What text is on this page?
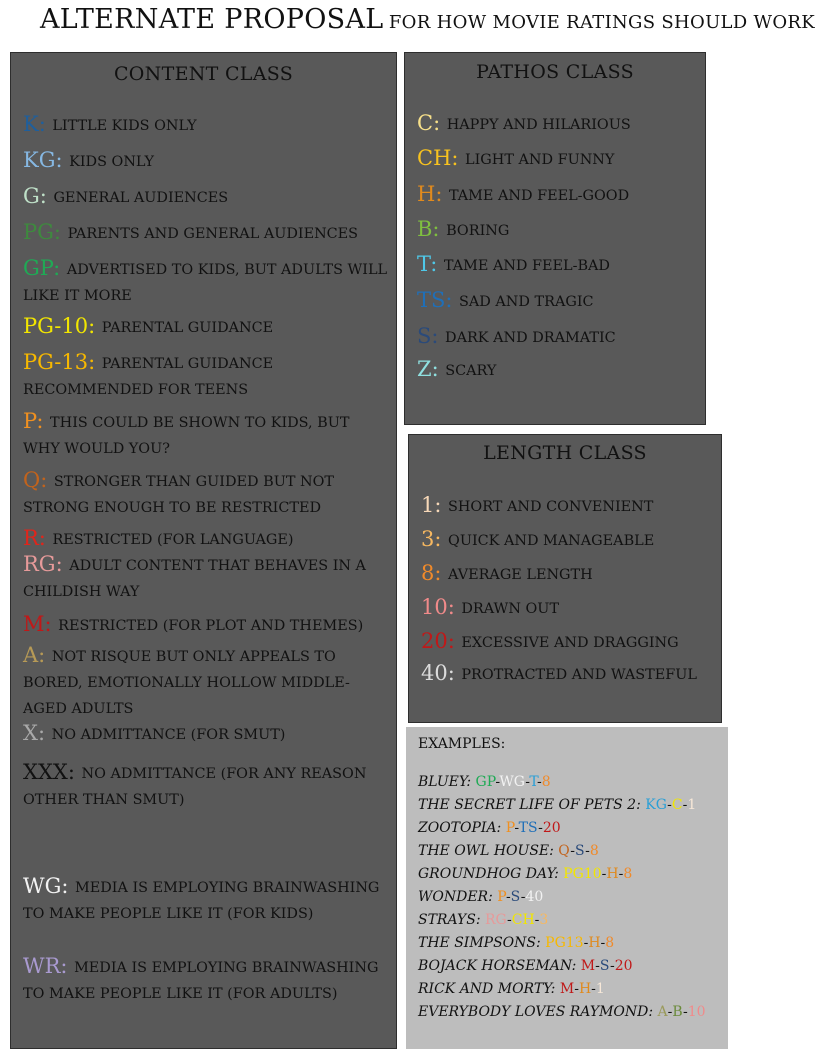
ALTERNATE PROPOSAL FOR HOW MOVIE RATINGS SHOULD WORK
CONTENT CLASS
K: LITTLE KIDS ONLY
KG: KIDS ONLY
G: GENERAL AUDIENCES
PG: PARENTS AND GENERAL AUDIENCES
GP: ADVERTISED TO KIDS, BUT ADULTS WILL LIKE IT MORE
PG-10: PARENTAL GUIDANCE
PG-13: PARENTAL GUIDANCE RECOMMENDED FOR TEENS
P: THIS COULD BE SHOWN TO KIDS, BUT WHY WOULD YOU?
Q: STRONGER THAN GUIDED BUT NOT STRONG ENOUGH TO BE RESTRICTED
R: RESTRICTED (FOR LANGUAGE)
RG: ADULT CONTENT THAT BEHAVES IN A CHILDISH WAY
M: RESTRICTED (FOR PLOT AND THEMES)
A: NOT RISQUE BUT ONLY APPEALS TO BORED, EMOTIONALLY HOLLOW MIDDLE-AGED ADULTS
X: NO ADMITTANCE (FOR SMUT)
XXX: NO ADMITTANCE (FOR ANY REASON OTHER THAN SMUT)
WG: MEDIA IS EMPLOYING BRAINWASHING TO MAKE PEOPLE LIKE IT (FOR KIDS)
WR: MEDIA IS EMPLOYING BRAINWASHING TO MAKE PEOPLE LIKE IT (FOR ADULTS)
PATHOS CLASS
C: HAPPY AND HILARIOUS
CH: LIGHT AND FUNNY
H: TAME AND FEEL-GOOD
B: BORING
T: TAME AND FEEL-BAD
TS: SAD AND TRAGIC
S: DARK AND DRAMATIC
Z: SCARY
LENGTH CLASS
1: SHORT AND CONVENIENT
3: QUICK AND MANAGEABLE
8: AVERAGE LENGTH
10: DRAWN OUT
20: EXCESSIVE AND DRAGGING
40: PROTRACTED AND WASTEFUL
EXAMPLES:
BLUEY: GP-WG-T-8
THE SECRET LIFE OF PETS 2: KG-C-1
ZOOTOPIA: P-TS-20
THE OWL HOUSE: Q-S-8
GROUNDHOG DAY: PG10-H-8
WONDER: P-S-40
STRAYS: RG-CH-3
THE SIMPSONS: PG13-H-8
BOJACK HORSEMAN: M-S-20
RICK AND MORTY: M-H-1
EVERYBODY LOVES RAYMOND: A-B-10
